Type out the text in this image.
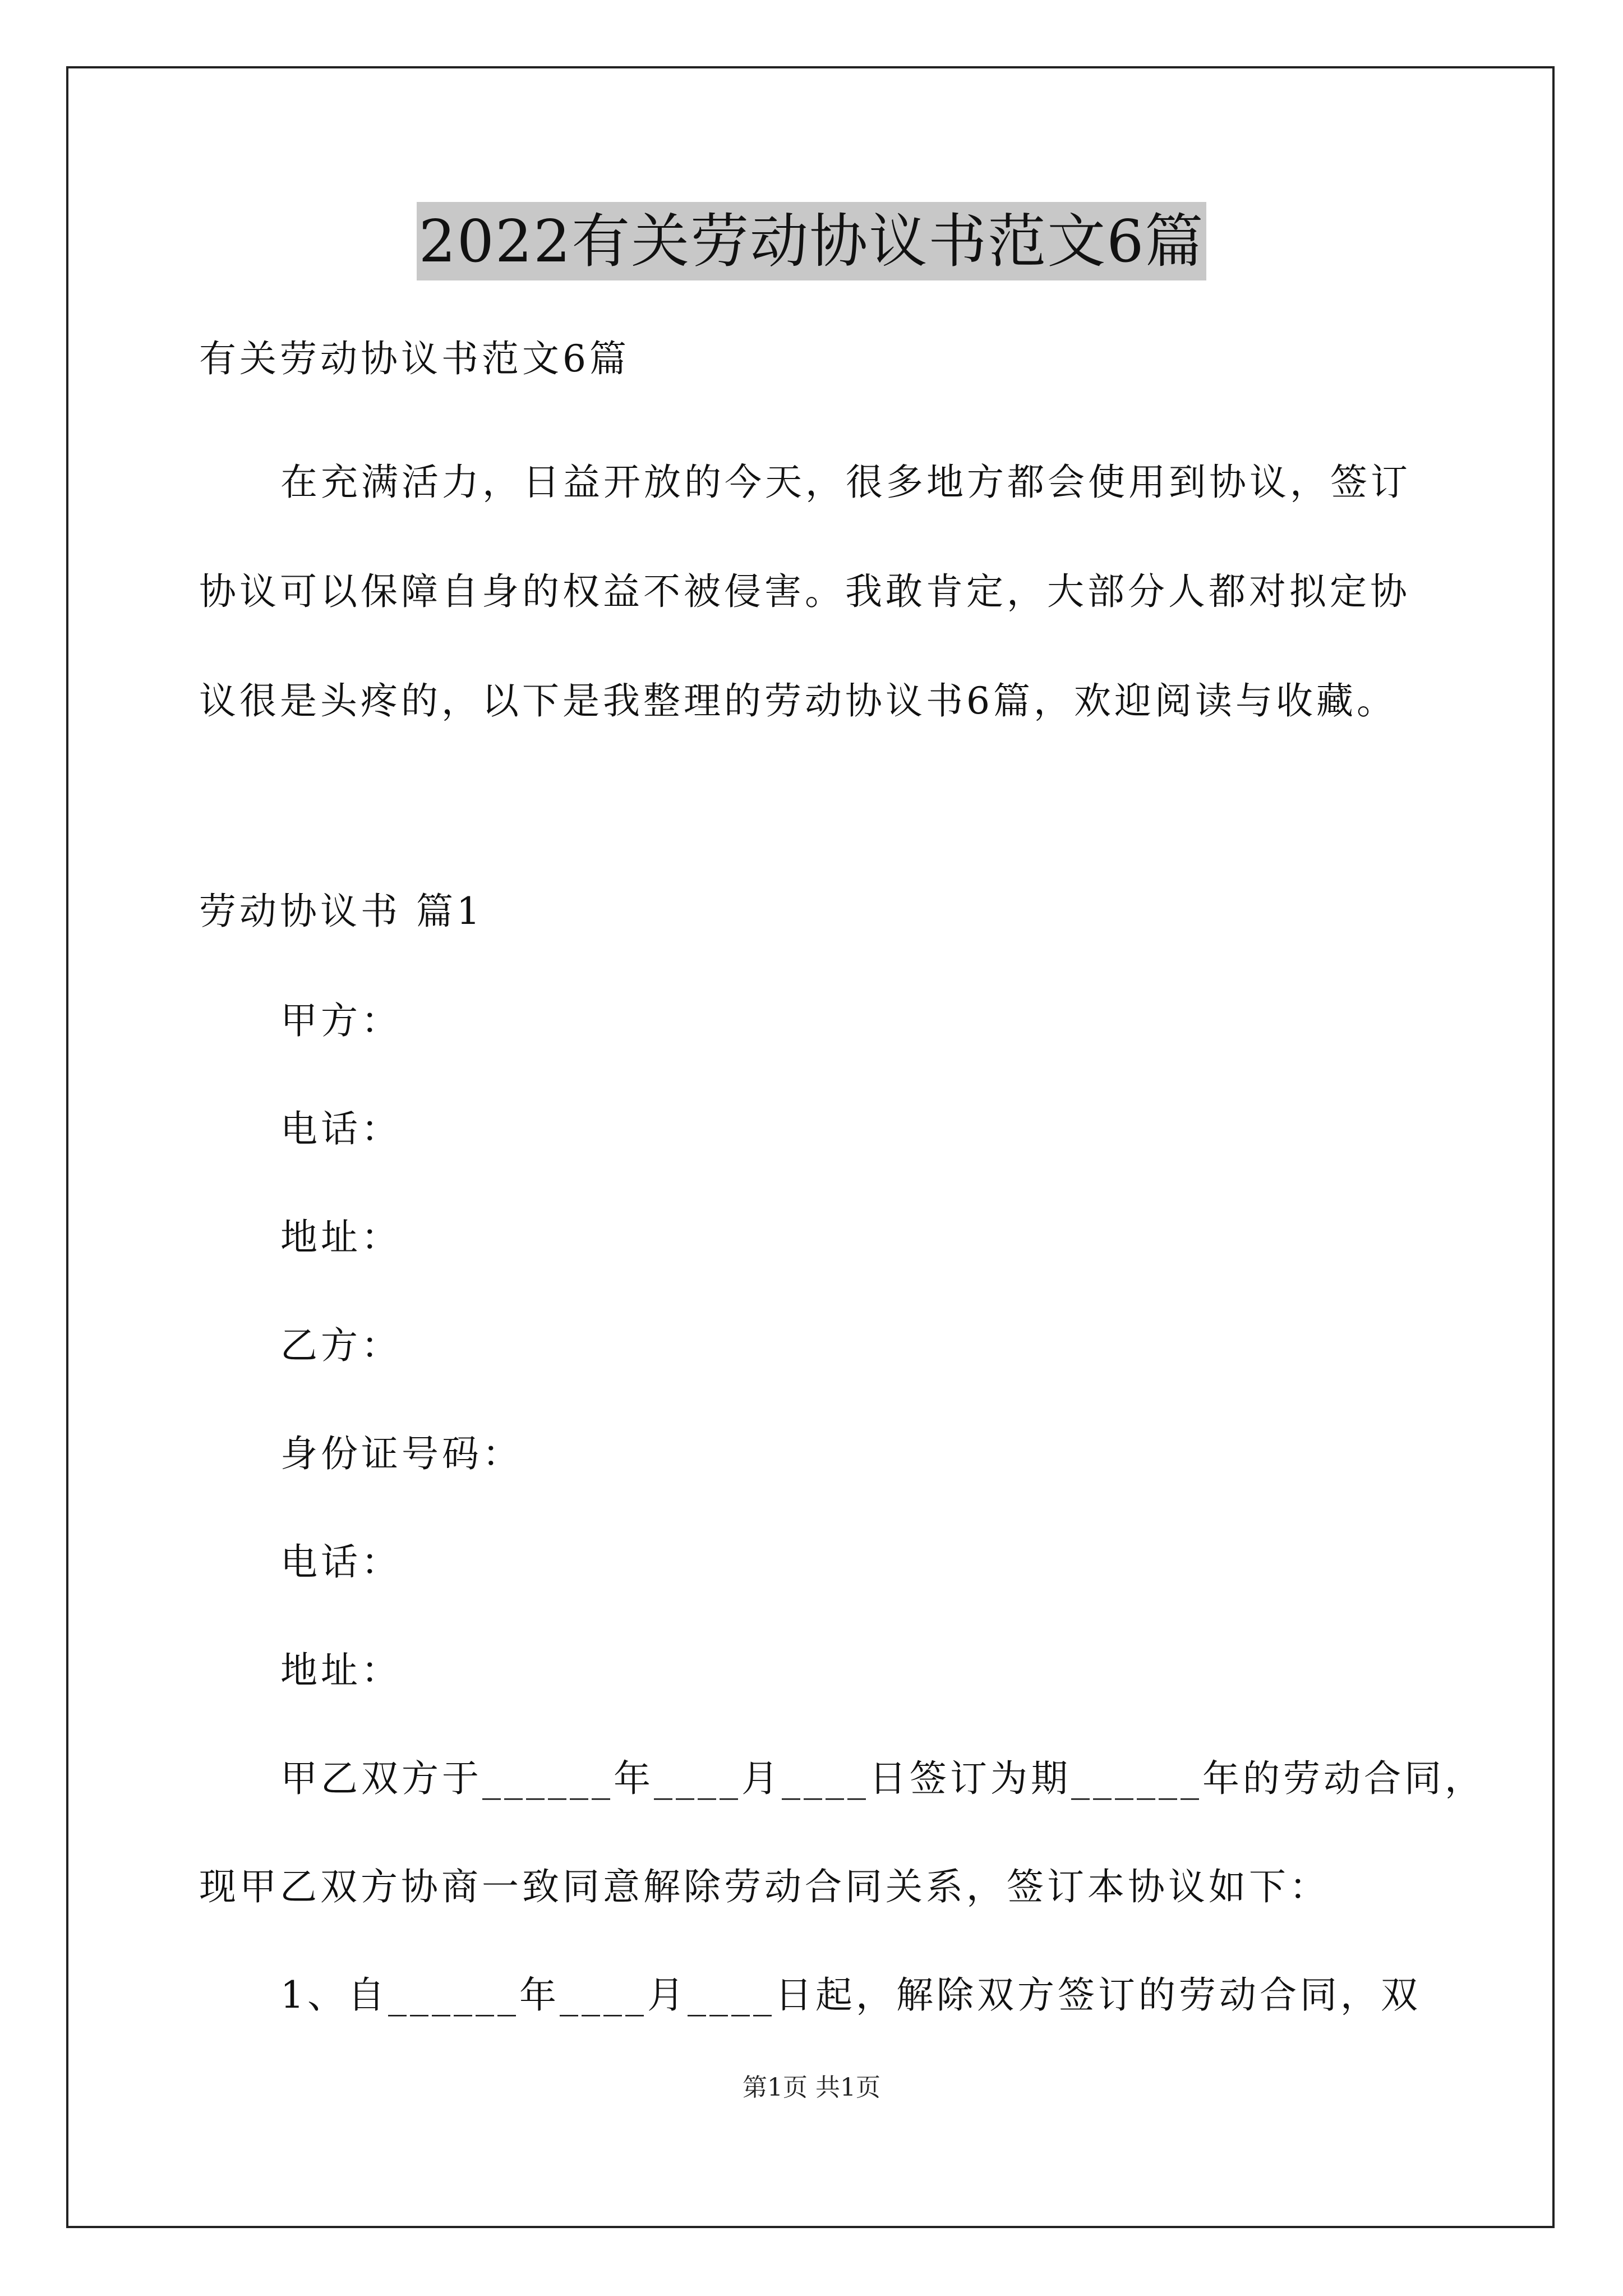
2022有关劳动协议书范文6篇
有关劳动协议书范文6篇
在充满活力，日益开放的今天，很多地方都会使用到协议，签订
协议可以保障自身的权益不被侵害。我敢肯定，大部分人都对拟定协
议很是头疼的，以下是我整理的劳动协议书6篇，欢迎阅读与收藏。
劳动协议书 篇1
甲方：
电话：
地址：
乙方：
身份证号码：
电话：
地址：
甲乙双方于______年____月____日签订为期______年的劳动合同，
现甲乙双方协商一致同意解除劳动合同关系，签订本协议如下：
1、自______年____月____日起，解除双方签订的劳动合同，双
第1页 共1页
